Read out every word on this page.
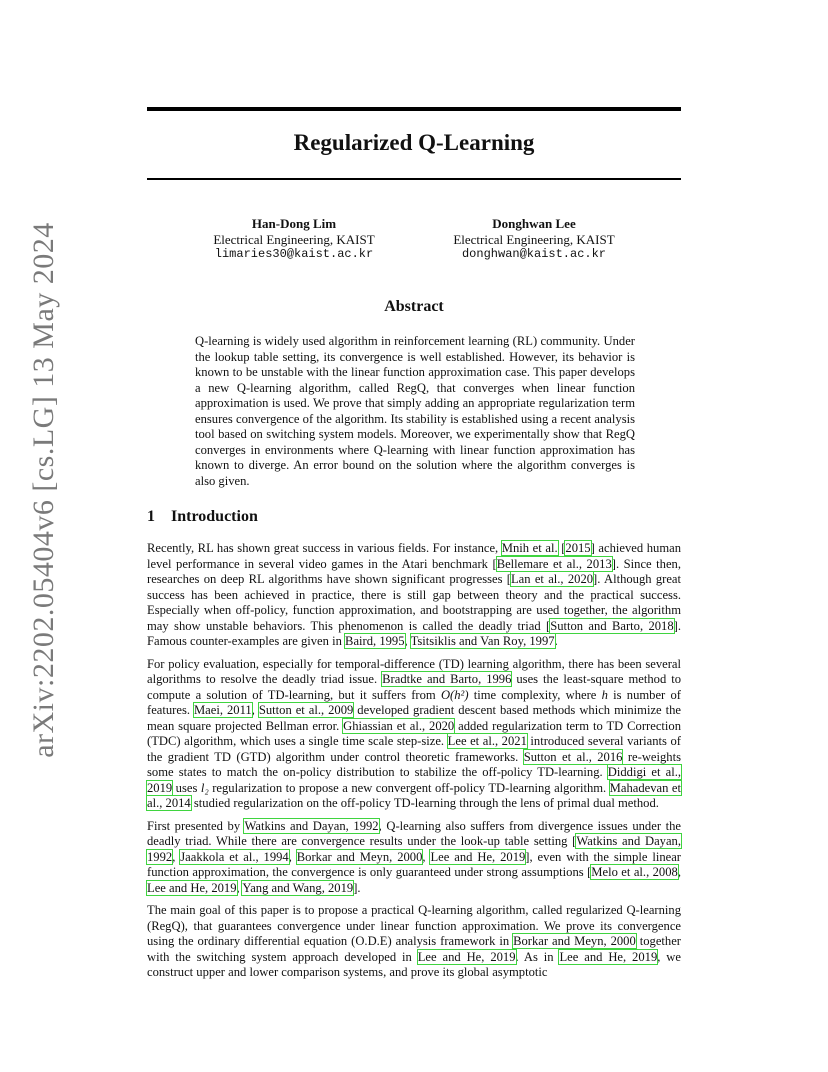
arXiv:2202.05404v6 [cs.LG] 13 May 2024
Regularized Q-Learning
Han-Dong Lim
Electrical Engineering, KAIST
limaries30@kaist.ac.kr
Donghwan Lee
Electrical Engineering, KAIST
donghwan@kaist.ac.kr
Abstract
Q-learning is widely used algorithm in reinforcement learning (RL) community. Under the lookup table setting, its convergence is well established. However, its behavior is known to be unstable with the linear function approximation case. This paper develops a new Q-learning algorithm, called RegQ, that converges when linear function approximation is used. We prove that simply adding an appropriate regularization term ensures convergence of the algorithm. Its stability is established using a recent analysis tool based on switching system models. Moreover, we experimentally show that RegQ converges in environments where Q-learning with linear function approximation has known to diverge. An error bound on the solution where the algorithm converges is also given.
1 Introduction

Recently, RL has shown great success in various fields. For instance, Mnih et al. [2015] achieved human level performance in several video games in the Atari benchmark [Bellemare et al., 2013]. Since then, researches on deep RL algorithms have shown significant progresses [Lan et al., 2020]. Although great success has been achieved in practice, there is still gap between theory and the practical success. Especially when off-policy, function approximation, and bootstrapping are used together, the algorithm may show unstable behaviors. This phenomenon is called the deadly triad [Sutton and Barto, 2018]. Famous counter-examples are given in Baird, 1995, Tsitsiklis and Van Roy, 1997.

For policy evaluation, especially for temporal-difference (TD) learning algorithm, there has been several algorithms to resolve the deadly triad issue. Bradtke and Barto, 1996 uses the least-square method to compute a solution of TD-learning, but it suffers from O(h²) time complexity, where h is number of features. Maei, 2011, Sutton et al., 2009 developed gradient descent based methods which minimize the mean square projected Bellman error. Ghiassian et al., 2020 added regularization term to TD Correction (TDC) algorithm, which uses a single time scale step-size. Lee et al., 2021 introduced several variants of the gradient TD (GTD) algorithm under control theoretic frameworks. Sutton et al., 2016 re-weights some states to match the on-policy distribution to stabilize the off-policy TD-learning. Diddigi et al., 2019 uses l₂ regularization to propose a new convergent off-policy TD-learning algorithm. Mahadevan et al., 2014 studied regularization on the off-policy TD-learning through the lens of primal dual method.

First presented by Watkins and Dayan, 1992, Q-learning also suffers from divergence issues under the deadly triad. While there are convergence results under the look-up table setting [Watkins and Dayan, 1992, Jaakkola et al., 1994, Borkar and Meyn, 2000, Lee and He, 2019], even with the simple linear function approximation, the convergence is only guaranteed under strong assumptions [Melo et al., 2008, Lee and He, 2019, Yang and Wang, 2019].

The main goal of this paper is to propose a practical Q-learning algorithm, called regularized Q-learning (RegQ), that guarantees convergence under linear function approximation. We prove its convergence using the ordinary differential equation (O.D.E) analysis framework in Borkar and Meyn, 2000 together with the switching system approach developed in Lee and He, 2019. As in Lee and He, 2019, we construct upper and lower comparison systems, and prove its global asymptotic
